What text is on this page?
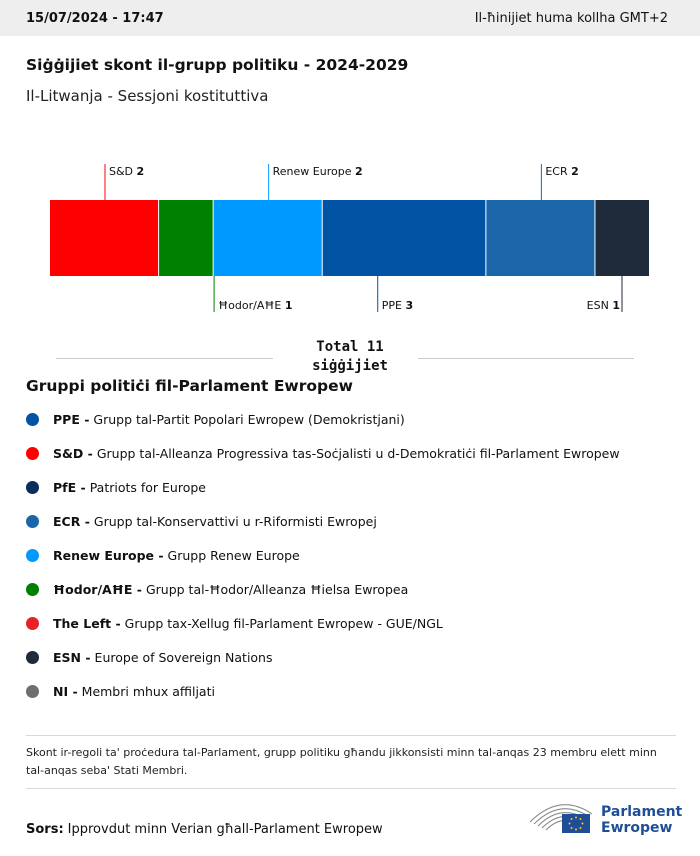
15/07/2024 - 17:47	Il-ħinijiet huma kollha GMT+2
Siġġijiet skont il-grupp politiku - 2024-2029
Il-Litwanja - Sessjoni kostituttiva
S&D 2
Ħodor/AĦE 1
Renew Europe 2
PPE 3
ECR 2
ESN 1
Total 11
siġġijiet
Gruppi politiċi fil-Parlament Ewropew
PPE - Grupp tal-Partit Popolari Ewropew (Demokristjani)
S&D - Grupp tal-Alleanza Progressiva tas-Soċjalisti u d-Demokratiċi fil-Parlament Ewropew
PfE - Patriots for Europe
ECR - Grupp tal-Konservattivi u r-Riformisti Ewropej
Renew Europe - Grupp Renew Europe
Ħodor/AĦE - Grupp tal-Ħodor/Alleanza Ħielsa Ewropea
The Left - Grupp tax-Xellug fil-Parlament Ewropew - GUE/NGL
ESN - Europe of Sovereign Nations
NI - Membri mhux affiljati
Skont ir-regoli ta' proċedura tal-Parlament, grupp politiku għandu jikkonsisti minn tal-anqas 23 membru elett minn tal-anqas seba' Stati Membri.
Sors: Ipprovdut minn Verian għall-Parlament Ewropew
Parlament
Ewropew
